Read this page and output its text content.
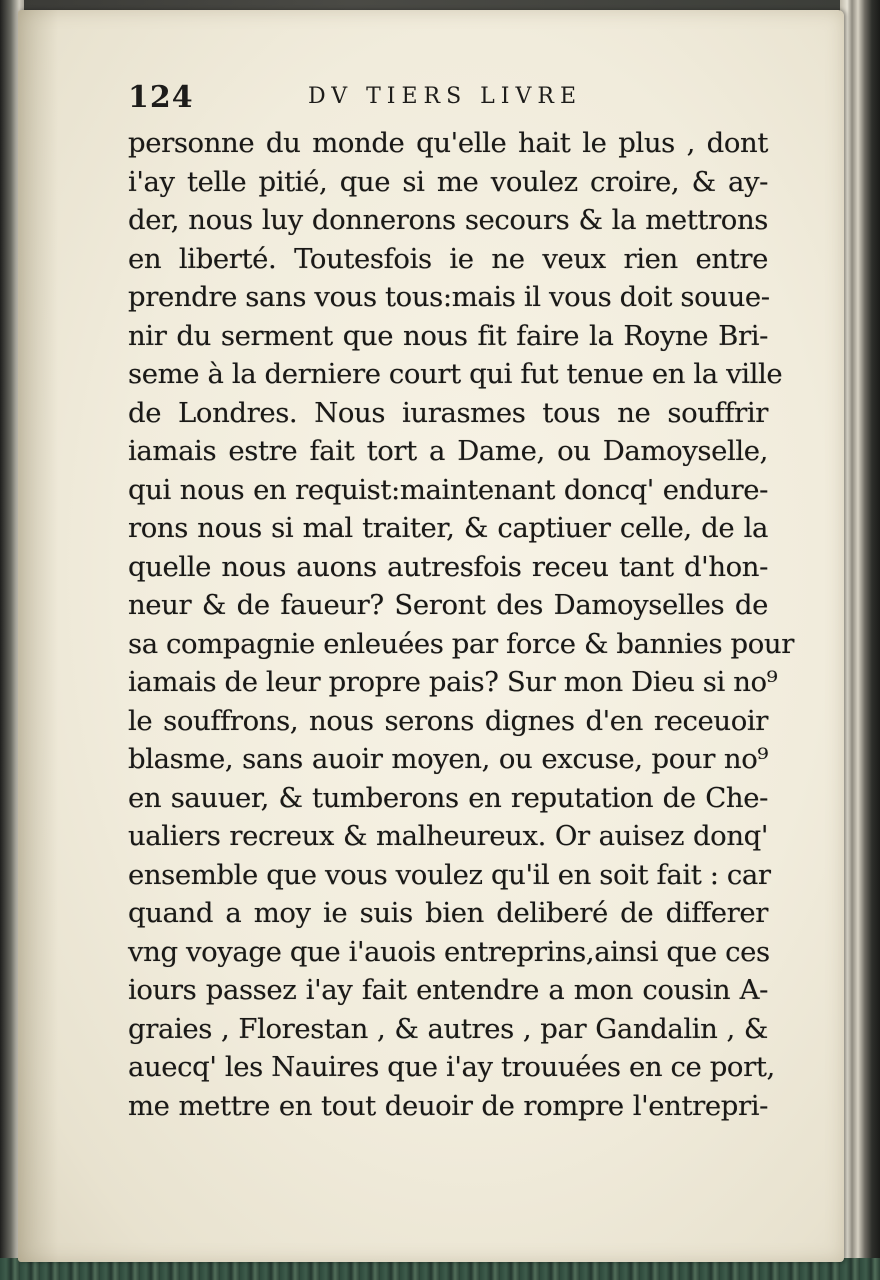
124	DV TIERS LIVRE
personne du monde qu'elle hait le plus , dont
i'ay telle pitié, que si me voulez croire, & ay-
der, nous luy donnerons secours & la mettrons
en liberté. Toutesfois ie ne veux rien entre
prendre sans vous tous:mais il vous doit souue-
nir du serment que nous fit faire la Royne Bri-
seme à la derniere court qui fut tenue en la ville
de Londres. Nous iurasmes tous ne souffrir
iamais estre fait tort a Dame, ou Damoyselle,
qui nous en requist:maintenant doncq' endure-
rons nous si mal traiter, & captiuer celle, de la
quelle nous auons autresfois receu tant d'hon-
neur & de faueur? Seront des Damoyselles de
sa compagnie enleuées par force & bannies pour
iamais de leur propre pais? Sur mon Dieu si no⁹
le souffrons, nous serons dignes d'en receuoir
blasme, sans auoir moyen, ou excuse, pour no⁹
en sauuer, & tumberons en reputation de Che-
ualiers recreux & malheureux. Or auisez donq'
ensemble que vous voulez qu'il en soit fait : car
quand a moy ie suis bien deliberé de differer
vng voyage que i'auois entreprins,ainsi que ces
iours passez i'ay fait entendre a mon cousin A-
graies , Florestan , & autres , par Gandalin , &
auecq' les Nauires que i'ay trouuées en ce port,
me mettre en tout deuoir de rompre l'entrepri-
